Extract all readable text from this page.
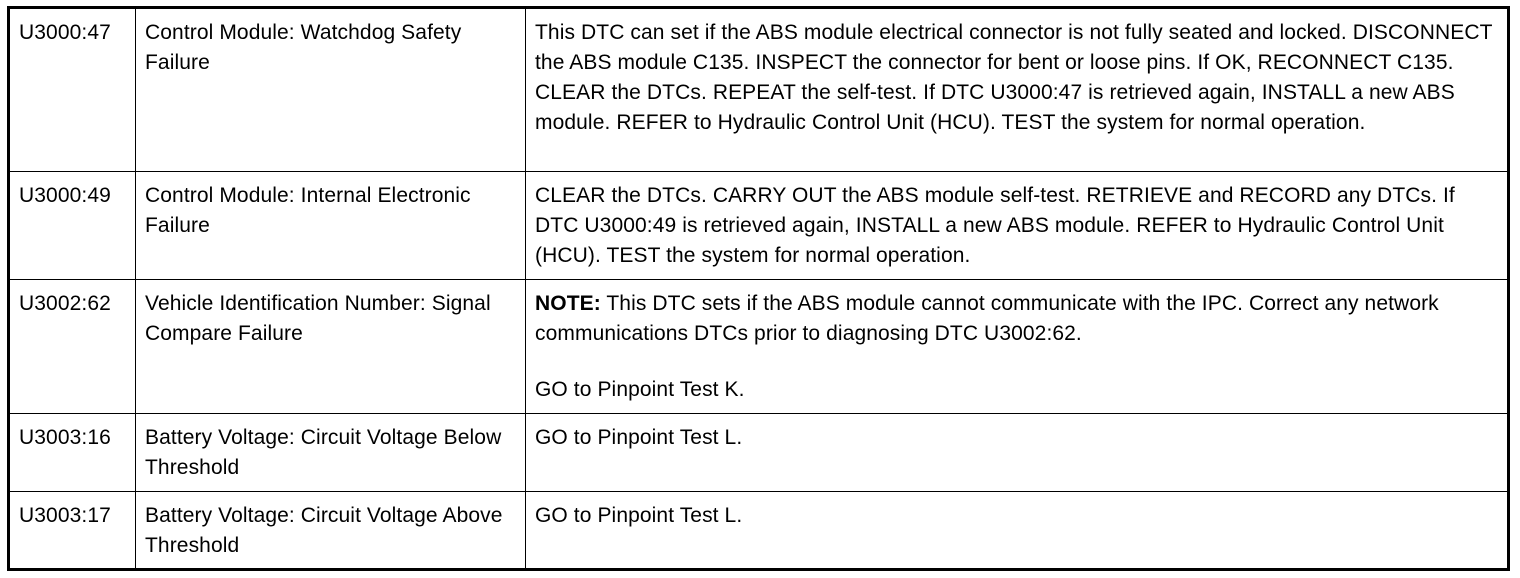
U3000:47	Control Module: Watchdog Safety Failure	This DTC can set if the ABS module electrical connector is not fully seated and locked. DISCONNECT the ABS module C135. INSPECT the connector for bent or loose pins. If OK, RECONNECT C135. CLEAR the DTCs. REPEAT the self-test. If DTC U3000:47 is retrieved again, INSTALL a new ABS module. REFER to Hydraulic Control Unit (HCU). TEST the system for normal operation.
U3000:49	Control Module: Internal Electronic Failure	CLEAR the DTCs. CARRY OUT the ABS module self-test. RETRIEVE and RECORD any DTCs. If DTC U3000:49 is retrieved again, INSTALL a new ABS module. REFER to Hydraulic Control Unit (HCU). TEST the system for normal operation.
U3002:62	Vehicle Identification Number: Signal Compare Failure	NOTE: This DTC sets if the ABS module cannot communicate with the IPC. Correct any network communications DTCs prior to diagnosing DTC U3002:62.
GO to Pinpoint Test K.
U3003:16	Battery Voltage: Circuit Voltage Below Threshold	GO to Pinpoint Test L.
U3003:17	Battery Voltage: Circuit Voltage Above Threshold	GO to Pinpoint Test L.
